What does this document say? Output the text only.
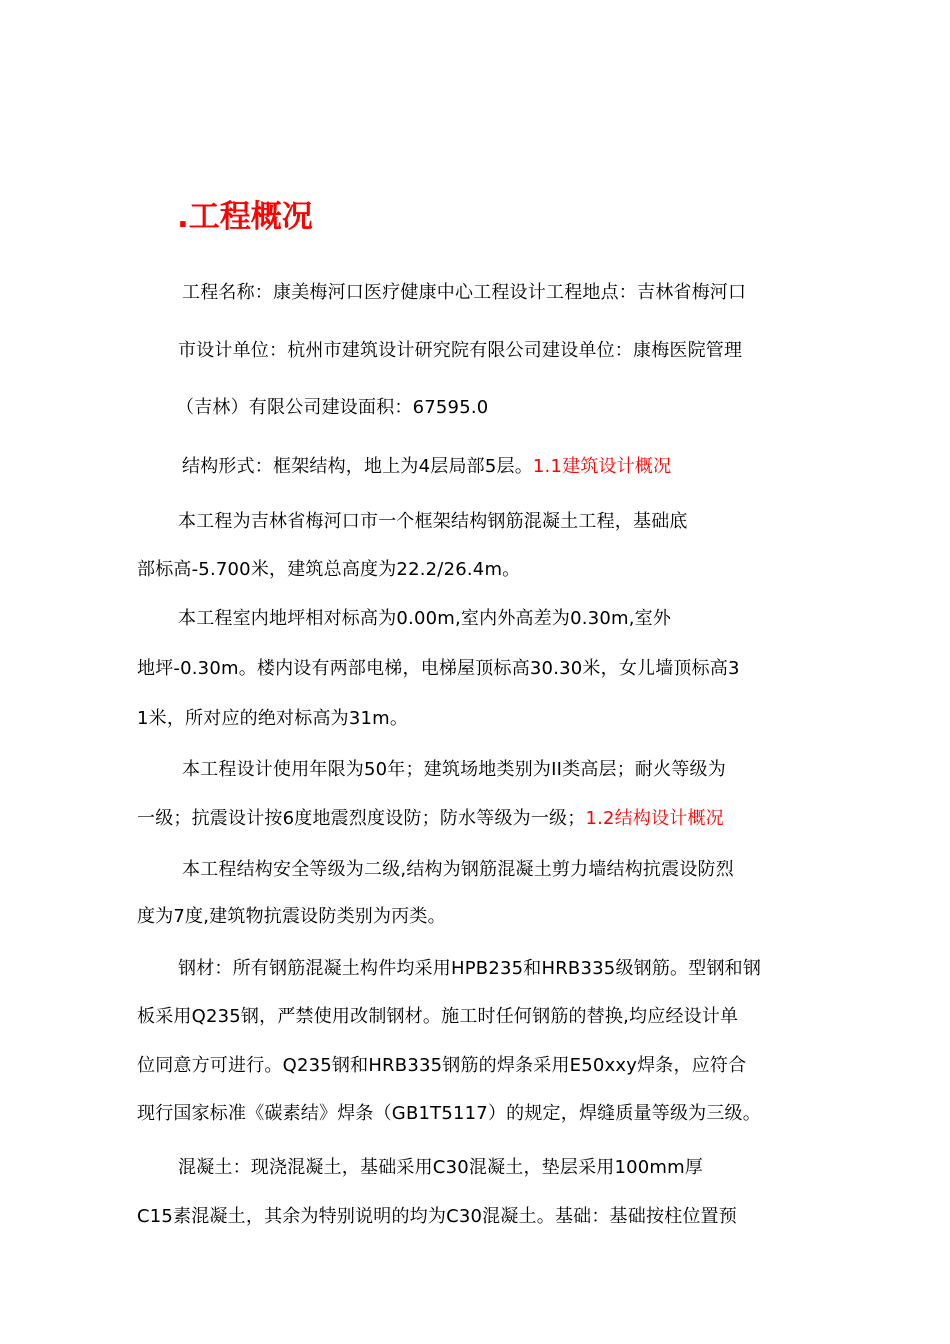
.工程概况
工程名称：康美梅河口医疗健康中心工程设计工程地点：吉林省梅河口
市设计单位：杭州市建筑设计研究院有限公司建设单位：康梅医院管理
（吉林）有限公司建设面积：67595.0
结构形式：框架结构，地上为4层局部5层。1.1建筑设计概况
本工程为吉林省梅河口市一个框架结构钢筋混凝土工程，基础底
部标高-5.700米，建筑总高度为22.2/26.4m。
本工程室内地坪相对标高为0.00m,室内外高差为0.30m,室外
地坪-0.30m。楼内设有两部电梯，电梯屋顶标高30.30米，女儿墙顶标高3
1米，所对应的绝对标高为31m。
本工程设计使用年限为50年；建筑场地类别为II类高层；耐火等级为
一级；抗震设计按6度地震烈度设防；防水等级为一级；1.2结构设计概况
本工程结构安全等级为二级,结构为钢筋混凝土剪力墙结构抗震设防烈
度为7度,建筑物抗震设防类别为丙类。
钢材：所有钢筋混凝土构件均采用HPB235和HRB335级钢筋。型钢和钢
板采用Q235钢，严禁使用改制钢材。施工时任何钢筋的替换,均应经设计单
位同意方可进行。Q235钢和HRB335钢筋的焊条采用E50xxy焊条，应符合
现行国家标准《碳素结》焊条（GB1T5117）的规定，焊缝质量等级为三级。
混凝土：现浇混凝土，基础采用C30混凝土，垫层采用100mm厚
C15素混凝土，其余为特别说明的均为C30混凝土。基础：基础按柱位置预
